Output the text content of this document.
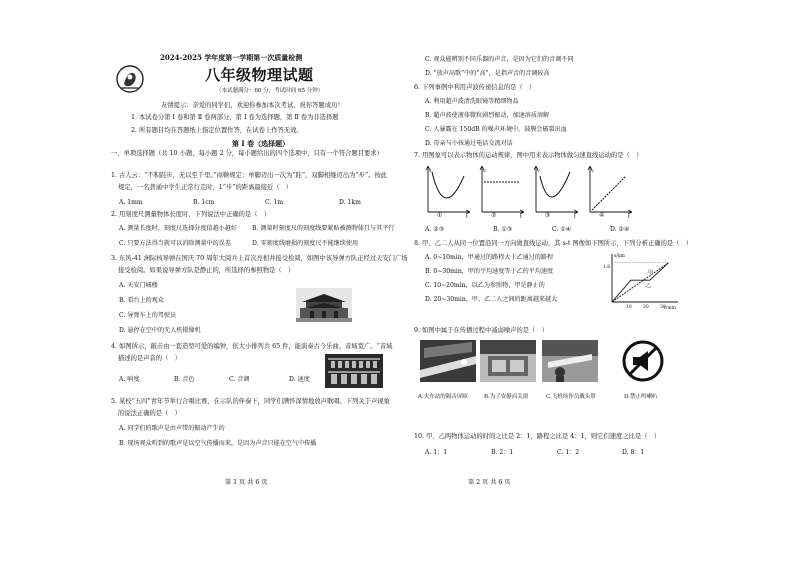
2024-2025 学年度第一学期第一次质量检测
八年级物理试题
（本试题满分：60 分，考试时间 65 分钟）
友情提示：亲爱的同学们，欢迎你参加本次考试，祝你答题成功！
1. 本试卷分第 Ⅰ 卷和第 Ⅱ 卷两部分，第 Ⅰ 卷为选择题，第 Ⅱ 卷为非选择题
2. 所有题目均在答题纸上指定位置作答，在试卷上作答无效。
第 Ⅰ 卷（选择题）
一、单项选择题（共 10 小题，每小题 2 分，每小题给出的四个选项中，只有一个符合题目要求）
1. 古人云：“不积跬步，无以至千里。”商鞅规定：单脚迈出一次为“跬”，双脚相继迈出为“步”。按此
规定，一名普通中学生正常行走时，1“步”的距离最接近（　）
A. 1mm	B. 1cm	C. 1m	D. 1km
2. 用刻度尺测量物体长度时，下列说法中正确的是（　）
A. 测量长度时，刻度尺选择分度值越小越好 B. 测量时刻度尺的刻度线要紧贴被测物体且与其平行
C. 只要方法得当就可以消除测量中的误差	D. 零刻度线磨损的刻度尺不能继续使用
3. 东风-41 洲际核导弹在国庆 70 周年大阅兵上首次亮相并接受检阅，如图中该导弹方队正经过天安门广场
接受检阅。如果说导弹方队是静止的，所选择的参照物是（　）
A. 天安门城楼
B. 看台上的观众
C. 导弹车上的驾驶员
D. 悬停在空中的无人机摄像机
4. 如图所示，敲击由一套造型可爱的编钟，依大小排列共 65 件，能演奏古今乐曲，音域宽广。“音域
描述的是声音的（　）
A. 响度	B. 音色	C. 音调	D. 速度
5. 某校“五四”青年节举行合唱比赛，在示队的伴奏下，同学们满怀深情地放声歌唱。下列关于声现象
的说法正确的是（　）
A. 同学们的歌声是由声带的振动产生的
B. 现场观众听到的歌声是以空气传播而来，是因为声音只能在空气中传播
第 1 页 共 6 页
C. 观众能辨别不同乐器的声音，是因为它们的音调不同
D. “放声高歌”中的“高”，是指声音的音调较高
6. 下列事例中利用声波传递信息的是（　）
A. 利用超声波清洗眼镜等精细物品
B. 超声波使液体微粒剧烈振动，加速溶质溶解
C. 人暴露在 150dB 的噪声环境中，鼓膜会破裂出血
D. 母亲与小孩通过电话交流对话
7. 用图象可以表示物体的运动规律，图中用来表示物体做匀速直线运动的是（　）
s
t
①
s
t
②
v
t
③
v
t
④
A. ②③	B. ①③	C. ①④	D. ②④
8. 甲、乙二人从同一位置沿同一方向做直线运动，其 s-t 图像如下图所示，下列分析正确的是（　）
A. 0~10min，甲通过的路程大于乙通过的路程
B. 0~30min，甲的平均速度等于乙的平均速度
C. 10~20min，以乙为参照物，甲是静止的
D. 20~30min，甲、乙二人之间的距离越来越大
s/km
t/min
1.8
10	20	30
甲
乙
9. 如图中属于在传播过程中减弱噪声的是（　）
A.火车站的隔音屏障	B.为了安静而关窗	C.飞机场作员戴头罩	D.禁止鸣喇叭
10. 甲、乙两物体运动的时间之比是 2：1，路程之比是 4：1，则它们速度之比是（　）
A. 1：1	B. 2：1	C. 1：2	D. 8：1
第 2 页 共 6 页
